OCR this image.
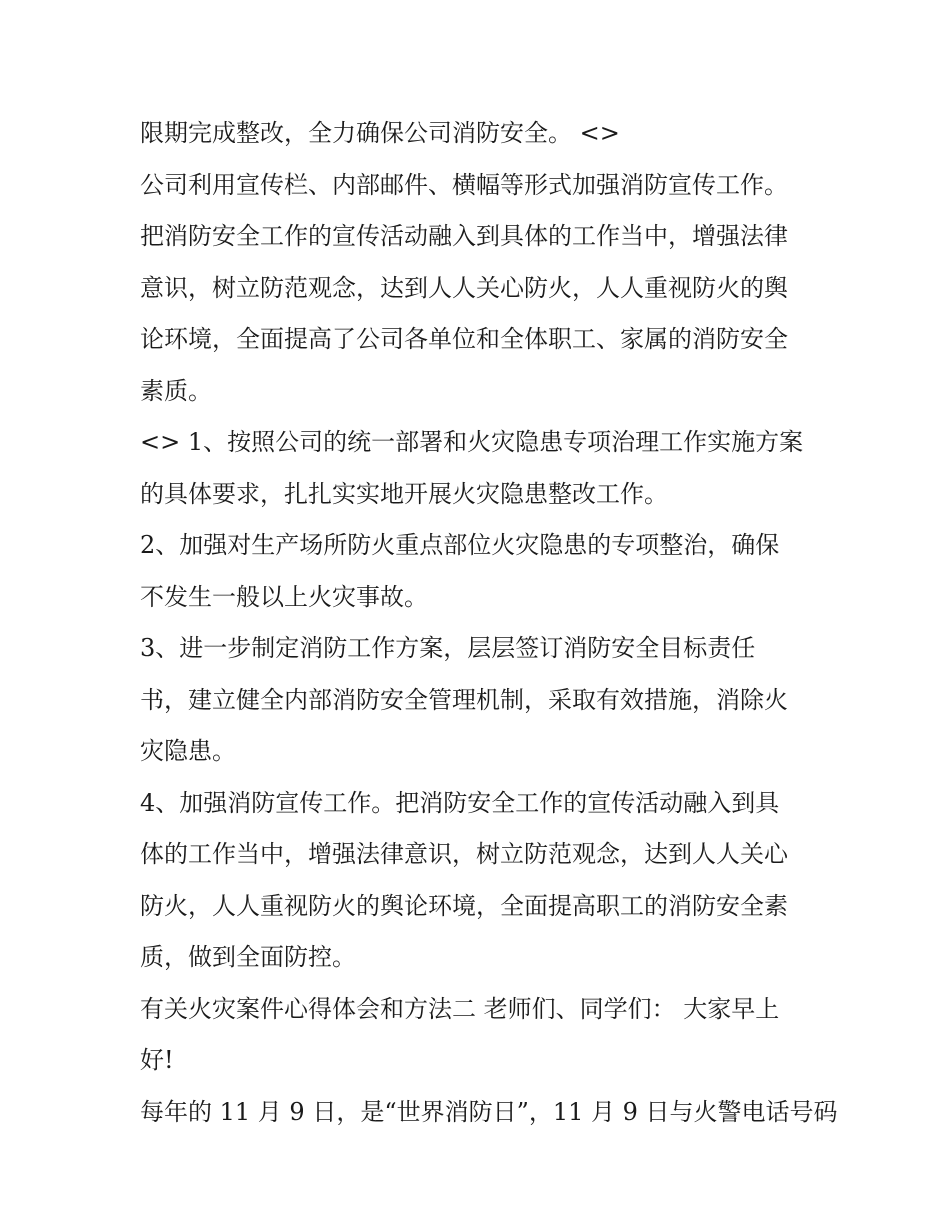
限期完成整改，全力确保公司消防安全。 <>
公司利用宣传栏、内部邮件、横幅等形式加强消防宣传工作。
把消防安全工作的宣传活动融入到具体的工作当中，增强法律
意识，树立防范观念，达到人人关心防火，人人重视防火的舆
论环境，全面提高了公司各单位和全体职工、家属的消防安全
素质。
<> 1、按照公司的统一部署和火灾隐患专项治理工作实施方案
的具体要求，扎扎实实地开展火灾隐患整改工作。
2、加强对生产场所防火重点部位火灾隐患的专项整治，确保
不发生一般以上火灾事故。
3、进一步制定消防工作方案，层层签订消防安全目标责任
书，建立健全内部消防安全管理机制，采取有效措施，消除火
灾隐患。
4、加强消防宣传工作。把消防安全工作的宣传活动融入到具
体的工作当中，增强法律意识，树立防范观念，达到人人关心
防火，人人重视防火的舆论环境，全面提高职工的消防安全素
质，做到全面防控。
有关火灾案件心得体会和方法二 老师们、同学们： 大家早上
好!
每年的 11 月 9 日，是“世界消防日”，11 月 9 日与火警电话号码
